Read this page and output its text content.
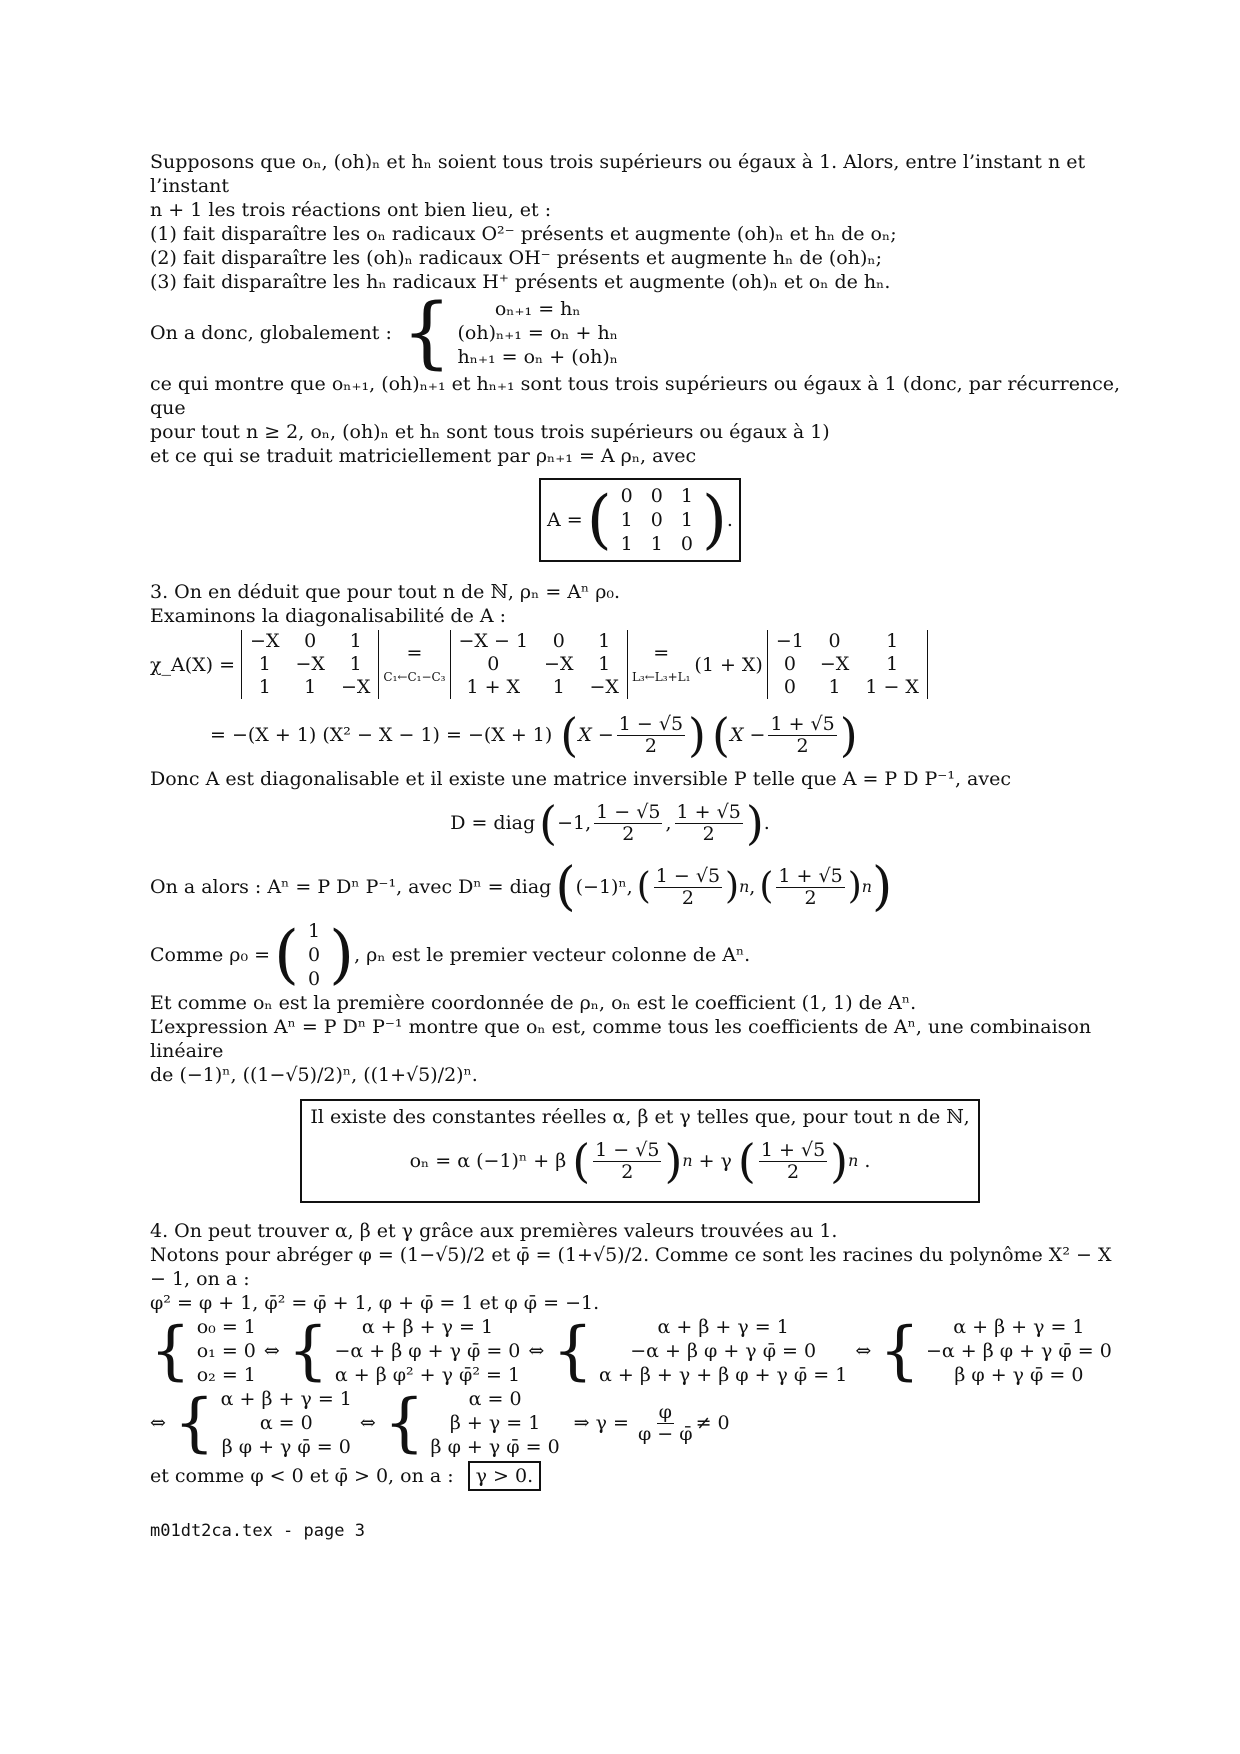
Supposons que oₙ, (oh)ₙ et hₙ soient tous trois supérieurs ou égaux à 1. Alors, entre l’instant n et l’instant

n + 1 les trois réactions ont bien lieu, et :

(1) fait disparaître les oₙ radicaux O²⁻ présents et augmente (oh)ₙ et hₙ de oₙ;

(2) fait disparaître les (oh)ₙ radicaux OH⁻ présents et augmente hₙ de (oh)ₙ;

(3) fait disparaître les hₙ radicaux H⁺ présents et augmente (oh)ₙ et oₙ de hₙ.

On a donc, globalement : {	oₙ₊₁ = hₙ
(oh)ₙ₊₁ = oₙ + hₙ
hₙ₊₁ = oₙ + (oh)ₙ

ce qui montre que oₙ₊₁, (oh)ₙ₊₁ et hₙ₊₁ sont tous trois supérieurs ou égaux à 1 (donc, par récurrence, que

pour tout n ≥ 2, oₙ, (oh)ₙ et hₙ sont tous trois supérieurs ou égaux à 1)

et ce qui se traduit matriciellement par ρₙ₊₁ = A ρₙ, avec

A = ( 0	0	1
1	0	1
1	1	0 ) .

3. On en déduit que pour tout n de ℕ, ρₙ = Aⁿ ρ₀.

Examinons la diagonalisabilité de A :

χ_A(X) =
−X	0	1
1	−X	1
1	1	−X
=
C₁←C₁−C₃
−X − 1	0	1
0	−X	1
1 + X	1	−X
=
L₃←L₃+L₁
(1 + X)
−1	0	1
0	−X	1
0	1	1 − X
= −(X + 1) (X² − X − 1) = −(X + 1) ( $X - \frac{1 - √5}{2}$ ) ( $X - \frac{1 + √5}{2}$ )

Donc A est diagonalisable et il existe une matrice inversible P telle que A = P D P⁻¹, avec

D = diag ( −1, $\frac{1 - √5}{2}$ , $\frac{1 + √5}{2}$ ) .
On a alors : Aⁿ = P Dⁿ P⁻¹, avec Dⁿ = diag ( (−1)ⁿ, ( $\frac{1 - √5}{2}$ ) n , ( $\frac{1 + √5}{2}$ ) n )
Comme ρ₀ = ( 1
0
0 ) , ρₙ est le premier vecteur colonne de Aⁿ.

Et comme oₙ est la première coordonnée de ρₙ, oₙ est le coefficient (1, 1) de Aⁿ.

L’expression Aⁿ = P Dⁿ P⁻¹ montre que oₙ est, comme tous les coefficients de Aⁿ, une combinaison linéaire

de (−1)ⁿ, ((1−√5)/2)ⁿ, ((1+√5)/2)ⁿ.

Il existe des constantes réelles α, β et γ telles que, pour tout n de ℕ,
oₙ = α (−1)ⁿ + β ( $\frac{1 - √5}{2}$ ) n + γ ( $\frac{1 + √5}{2}$ ) n .

4. On peut trouver α, β et γ grâce aux premières valeurs trouvées au 1.

Notons pour abréger φ = (1−√5)/2 et φ̄ = (1+√5)/2. Comme ce sont les racines du polynôme X² − X − 1, on a :

φ² = φ + 1, φ̄² = φ̄ + 1, φ + φ̄ = 1 et φ φ̄ = −1.

{ o₀ = 1
o₁ = 0
o₂ = 1
⇔ {	α + β + γ = 1
−α + β φ + γ φ̄ = 0
α + β φ² + γ φ̄² = 1
⇔ {	α + β + γ = 1
−α + β φ + γ φ̄ = 0
α + β + γ + β φ + γ φ̄ = 1
⇔ {	α + β + γ = 1
−α + β φ + γ φ̄ = 0
β φ + γ φ̄ = 0
⇔ { α + β + γ = 1
α = 0
β φ + γ φ̄ = 0
⇔ {	α = 0
β + γ = 1
β φ + γ φ̄ = 0
⇒ $\gamma = \frac{\varphi}{\varphi - \varphī} \ne 0$
et comme φ < 0 et φ̄ > 0, on a :	γ > 0.
m01dt2ca.tex - page 3
